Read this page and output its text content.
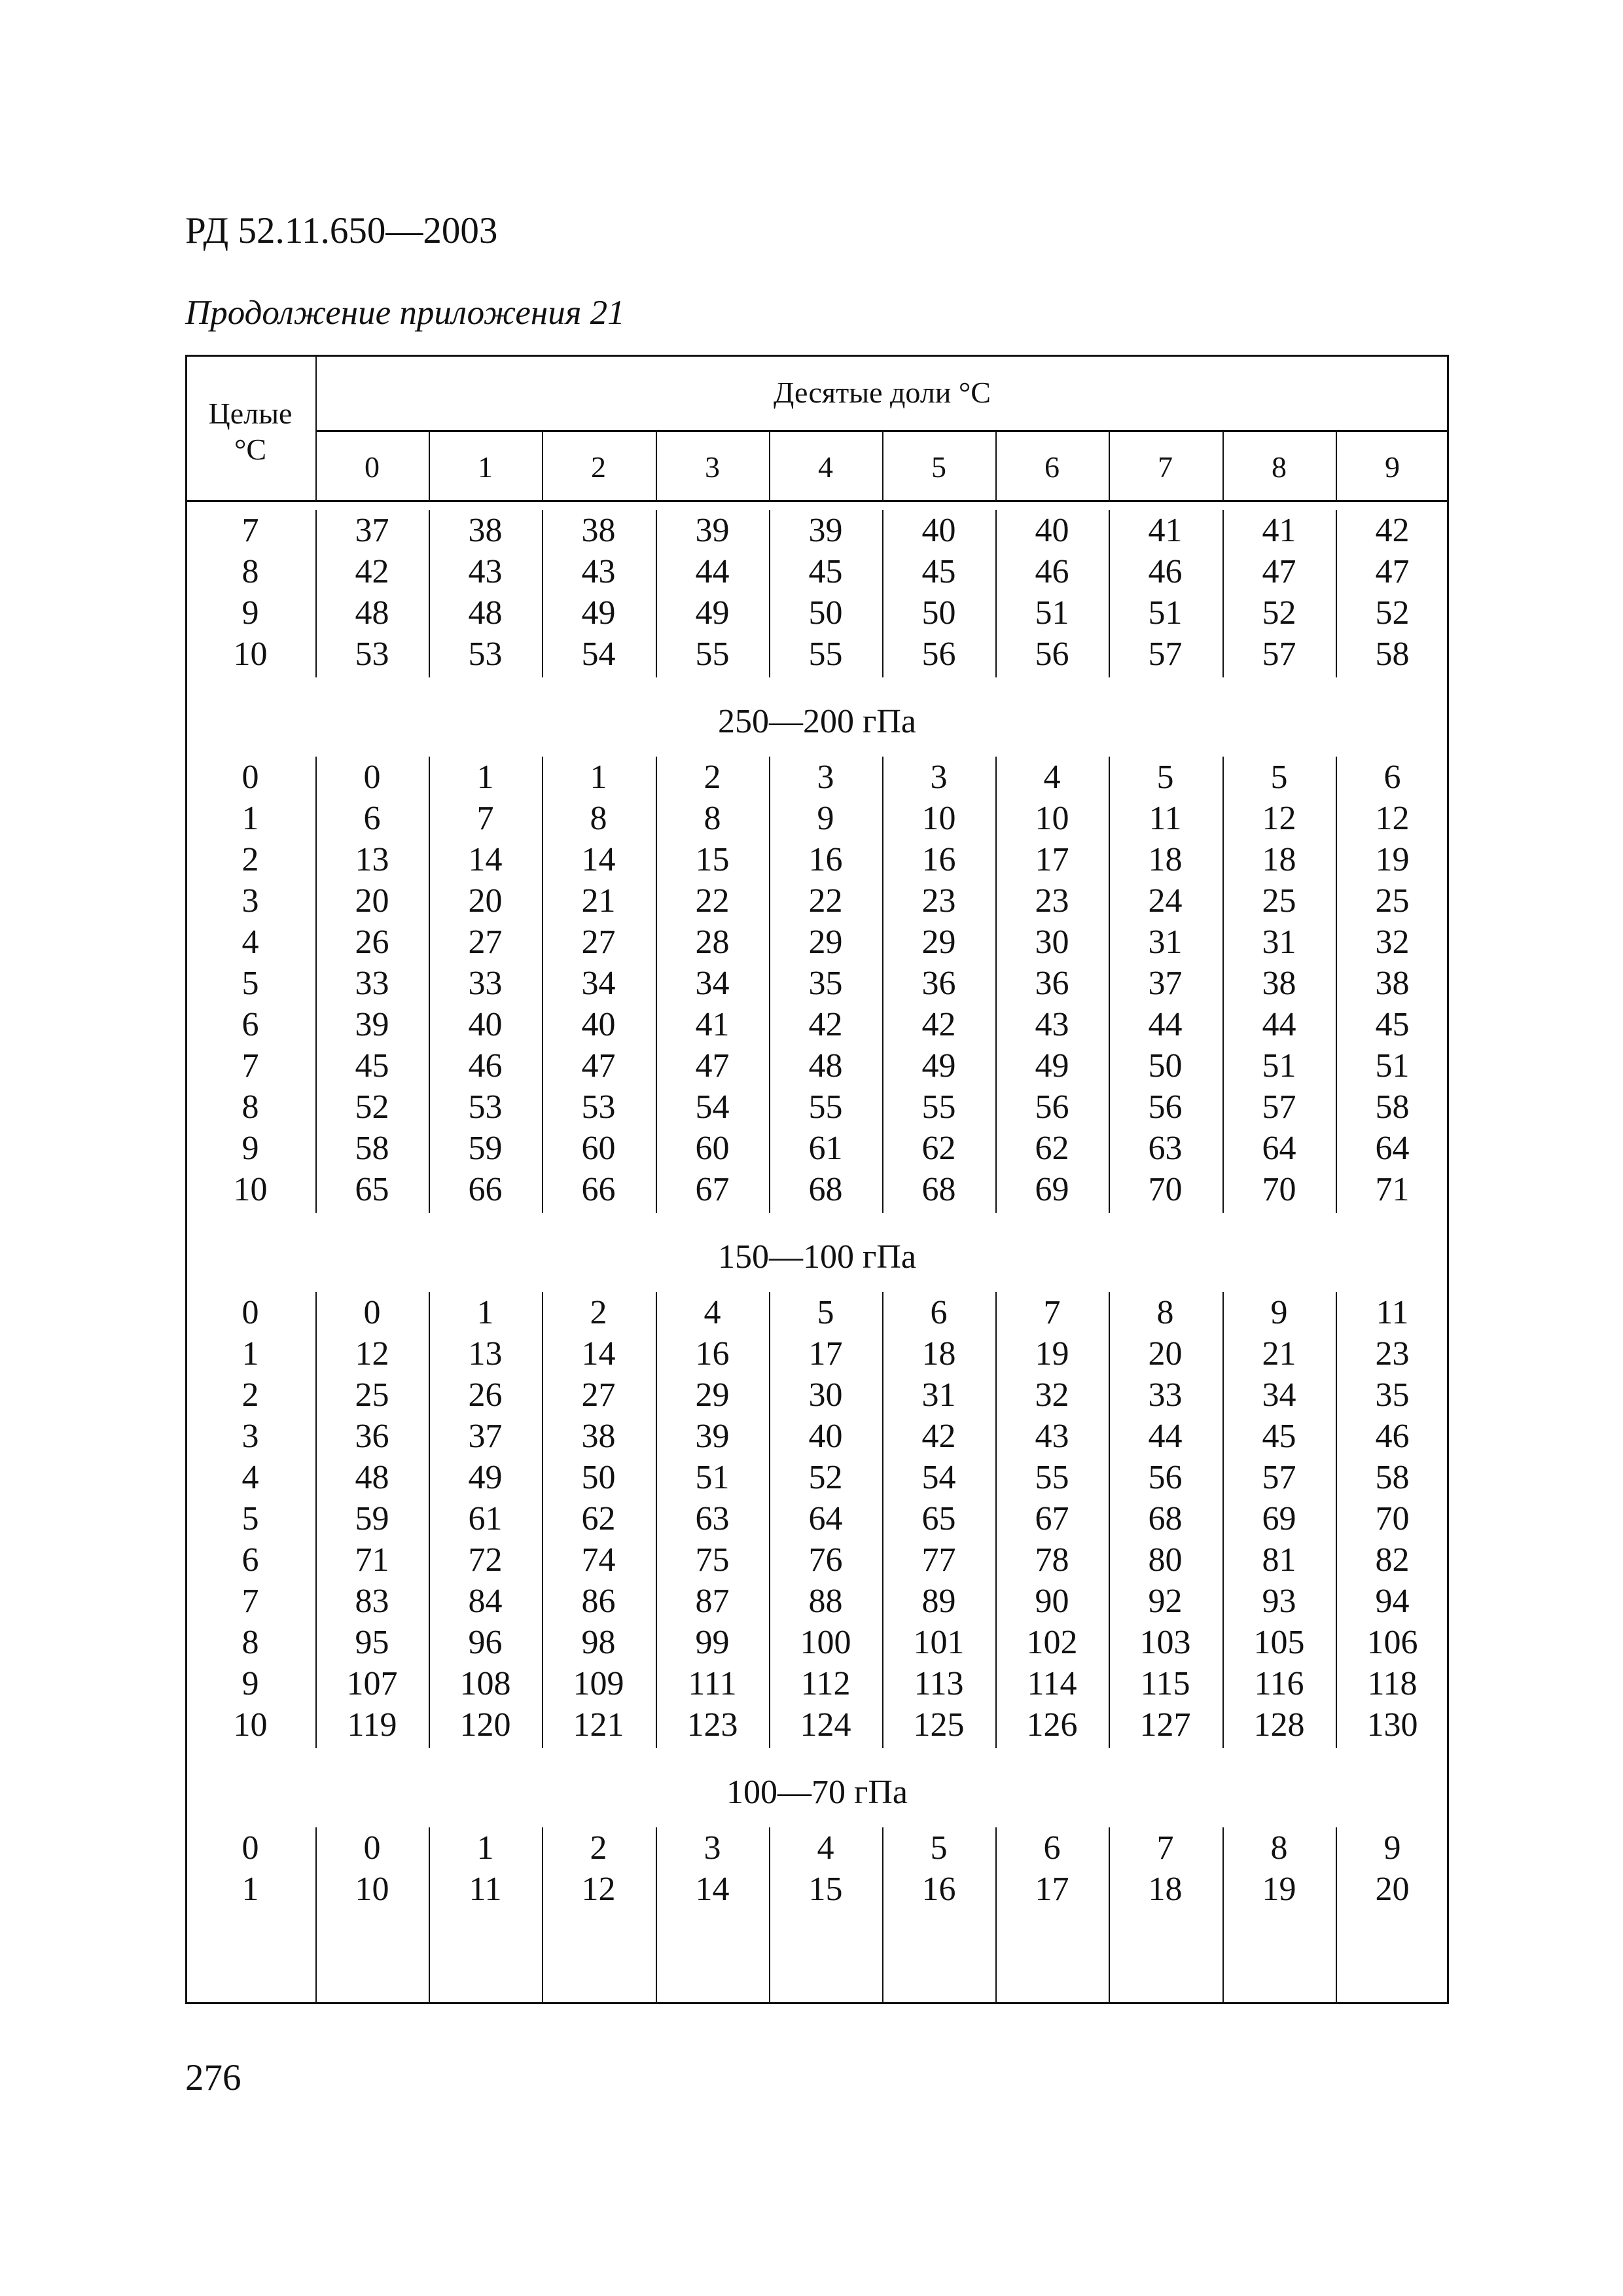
РД 52.11.650—2003
Продолжение приложения 21
Целые
°С
Десятые доли °С
0	1	2	3	4	5	6	7	8	9
7	37	38	38	39	39	40	40	41	41	42
8	42	43	43	44	45	45	46	46	47	47
9	48	48	49	49	50	50	51	51	52	52
10	53	53	54	55	55	56	56	57	57	58
250—200 гПа
0	0	1	1	2	3	3	4	5	5	6
1	6	7	8	8	9	10	10	11	12	12
2	13	14	14	15	16	16	17	18	18	19
3	20	20	21	22	22	23	23	24	25	25
4	26	27	27	28	29	29	30	31	31	32
5	33	33	34	34	35	36	36	37	38	38
6	39	40	40	41	42	42	43	44	44	45
7	45	46	47	47	48	49	49	50	51	51
8	52	53	53	54	55	55	56	56	57	58
9	58	59	60	60	61	62	62	63	64	64
10	65	66	66	67	68	68	69	70	70	71
150—100 гПа
0	0	1	2	4	5	6	7	8	9	11
1	12	13	14	16	17	18	19	20	21	23
2	25	26	27	29	30	31	32	33	34	35
3	36	37	38	39	40	42	43	44	45	46
4	48	49	50	51	52	54	55	56	57	58
5	59	61	62	63	64	65	67	68	69	70
6	71	72	74	75	76	77	78	80	81	82
7	83	84	86	87	88	89	90	92	93	94
8	95	96	98	99	100	101	102	103	105	106
9	107	108	109	111	112	113	114	115	116	118
10	119	120	121	123	124	125	126	127	128	130
100—70 гПа
0	0	1	2	3	4	5	6	7	8	9
1	10	11	12	14	15	16	17	18	19	20
276
